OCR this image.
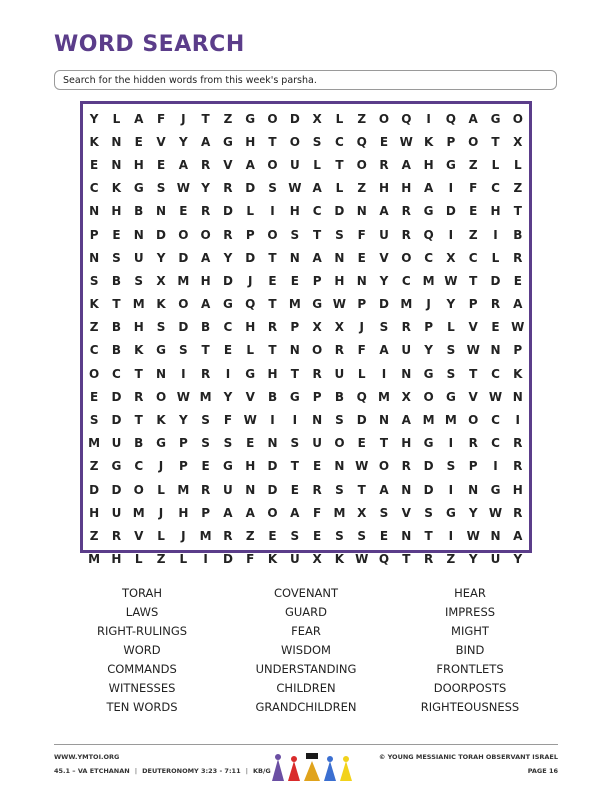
WORD SEARCH
Search for the hidden words from this week's parsha.
Y	L	A	F	J	T	Z	G	O	D	X	L	Z	O	Q	I	Q	A	G	O
K	N	E	V	Y	A	G	H	T	O	S	C	Q	E W K	P	O	T	X
E	N	H	E	A	R	V	A	O	U	L	T	O	R	A	H	G	Z	L	L
C	K	G	S W Y	R	D	S W A	L	Z	H	H	A	I	F	C	Z
N	H	B	N	E	R	D	L	I	H	C	D	N	A	R	G	D	E	H	T
P	E	N	D	O	O	R	P	O	S	T	S	F	U	R	Q	I	Z	I	B
N	S	U	Y	D	A	Y	D	T	N	A	N	E	V	O	C	X	C	L	R
S	B	S	X M H	D	J	E	E	P	H	N	Y	C M W T	D	E
K	T	M K	O	A	G	Q	T	M G W P	D M	J	Y	P	R	A
Z	B	H	S	D	B	C	H	R	P	X	X	J	S	R	P	L	V	E W
C	B	K	G	S	T	E	L	T	N	O	R	F	A	U	Y	S W N	P
O	C	T	N	I	R	I	G	H	T	R	U	L	I	N	G	S	T	C	K
E	D	R	O W M Y	V	B	G	P	B	Q M X	O	G	V W N
S	D	T	K	Y	S	F W	I	I	N	S	D	N	A M M O	C	I
M U	B	G	P	S	S	E	N	S	U	O	E	T	H	G	I	R	C	R
Z	G	C	J	P	E	G	H	D	T	E	N W O	R	D	S	P	I	R
D	D	O	L	M R	U	N	D	E	R	S	T	A	N	D	I	N	G	H
H	U M	J	H	P	A	A	O	A	F	M X	S	V	S	G	Y W R
Z	R	V	L	J	M R	Z	E	S	E	S	S	E	N	T	I	W N	A
M H	L	Z	L	I	D	F	K	U	X	K W Q	T	R	Z	Y	U	Y
TORAH	COVENANT	HEAR
LAWS	GUARD	IMPRESS
RIGHT-RULINGS	FEAR	MIGHT
WORD	WISDOM	BIND
COMMANDS	UNDERSTANDING	FRONTLETS
WITNESSES	CHILDREN	DOORPOSTS
TEN WORDS	GRANDCHILDREN	RIGHTEOUSNESS
WWW.YMTOI.ORG
45.1 – VA ETCHANAN | DEUTERONOMY 3:23 - 7:11 | KB/G
© YOUNG MESSIANIC TORAH OBSERVANT ISRAEL
PAGE 16
